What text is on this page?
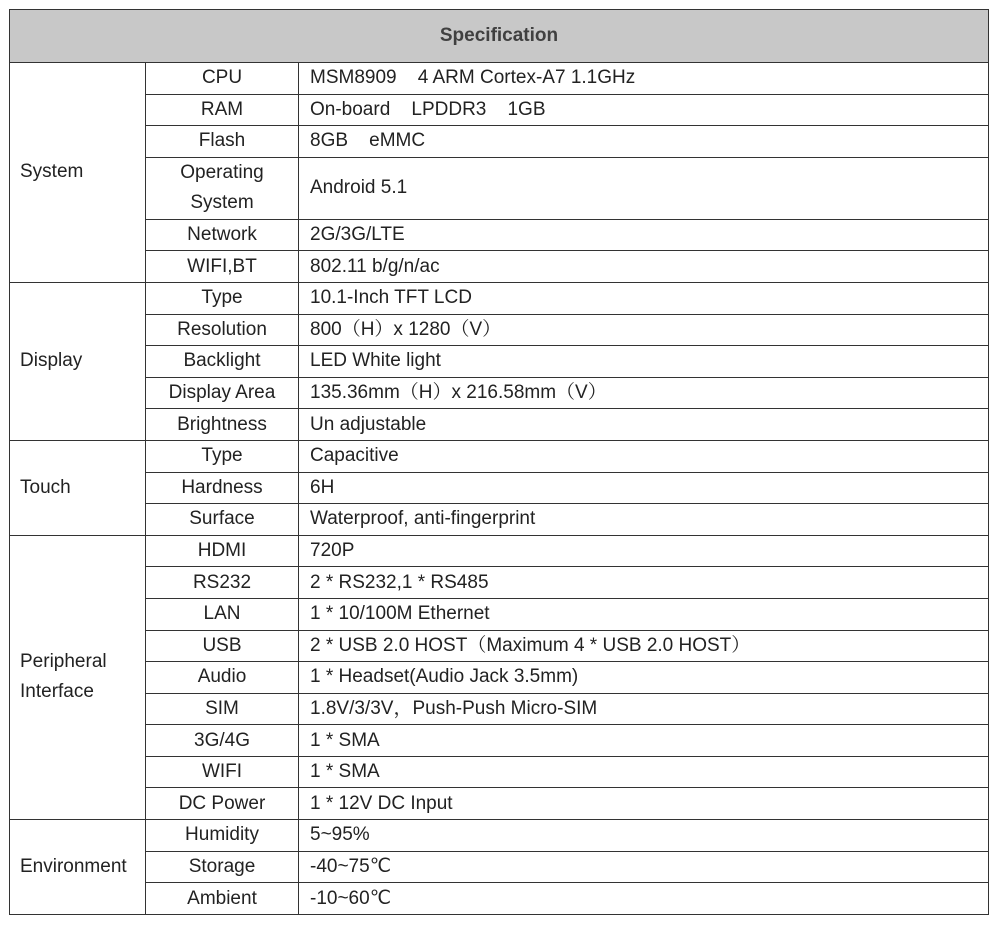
Specification		
System	CPU	MSM8909    4 ARM Cortex-A7 1.1GHz
	RAM	On-board    LPDDR3    1GB
	Flash	8GB    eMMC
	Operating System	Android 5.1
	Network	2G/3G/LTE
	WIFI,BT	802.11 b/g/n/ac
Display	Type	10.1-Inch TFT LCD
	Resolution	800（H）x 1280（V）
	Backlight	LED White light
	Display Area	135.36mm（H）x 216.58mm（V）
	Brightness	Un adjustable
Touch	Type	Capacitive
	Hardness	6H
	Surface	Waterproof, anti-fingerprint
Peripheral Interface	HDMI	720P
	RS232	2 * RS232,1 * RS485
	LAN	1 * 10/100M Ethernet
	USB	2 * USB 2.0 HOST（Maximum 4 * USB 2.0 HOST）
	Audio	1 * Headset(Audio Jack 3.5mm)
	SIM	1.8V/3/3V，Push-Push Micro-SIM
	3G/4G	1 * SMA
	WIFI	1 * SMA
	DC Power	1 * 12V DC Input
Environment	Humidity	5~95%
	Storage	-40~75℃
	Ambient	-10~60℃
